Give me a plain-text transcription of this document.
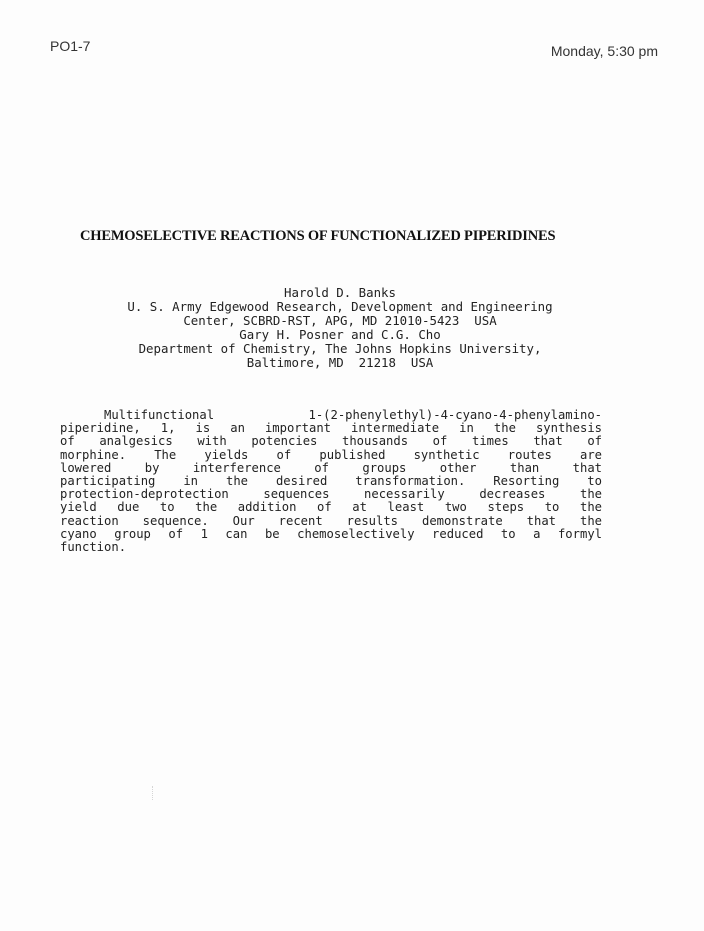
PO1-7	Monday, 5:30 pm
CHEMOSELECTIVE REACTIONS OF FUNCTIONALIZED PIPERIDINES
Harold D. Banks
U. S. Army Edgewood Research, Development and Engineering
Center, SCBRD-RST, APG, MD 21010-5423  USA
Gary H. Posner and C.G. Cho
Department of Chemistry, The Johns Hopkins University,
Baltimore, MD  21218  USA
Multifunctional 1-(2-phenylethyl)-4-cyano-4-phenylamino-
piperidine, 1, is an important intermediate in the synthesis
of analgesics with potencies thousands of times that of
morphine. The yields of published synthetic routes are
lowered by interference of groups other than that
participating in the desired transformation. Resorting to
protection-deprotection sequences necessarily decreases the
yield due to the addition of at least two steps to the
reaction sequence. Our recent results demonstrate that the
cyano group of 1 can be chemoselectively reduced to a formyl
function.
